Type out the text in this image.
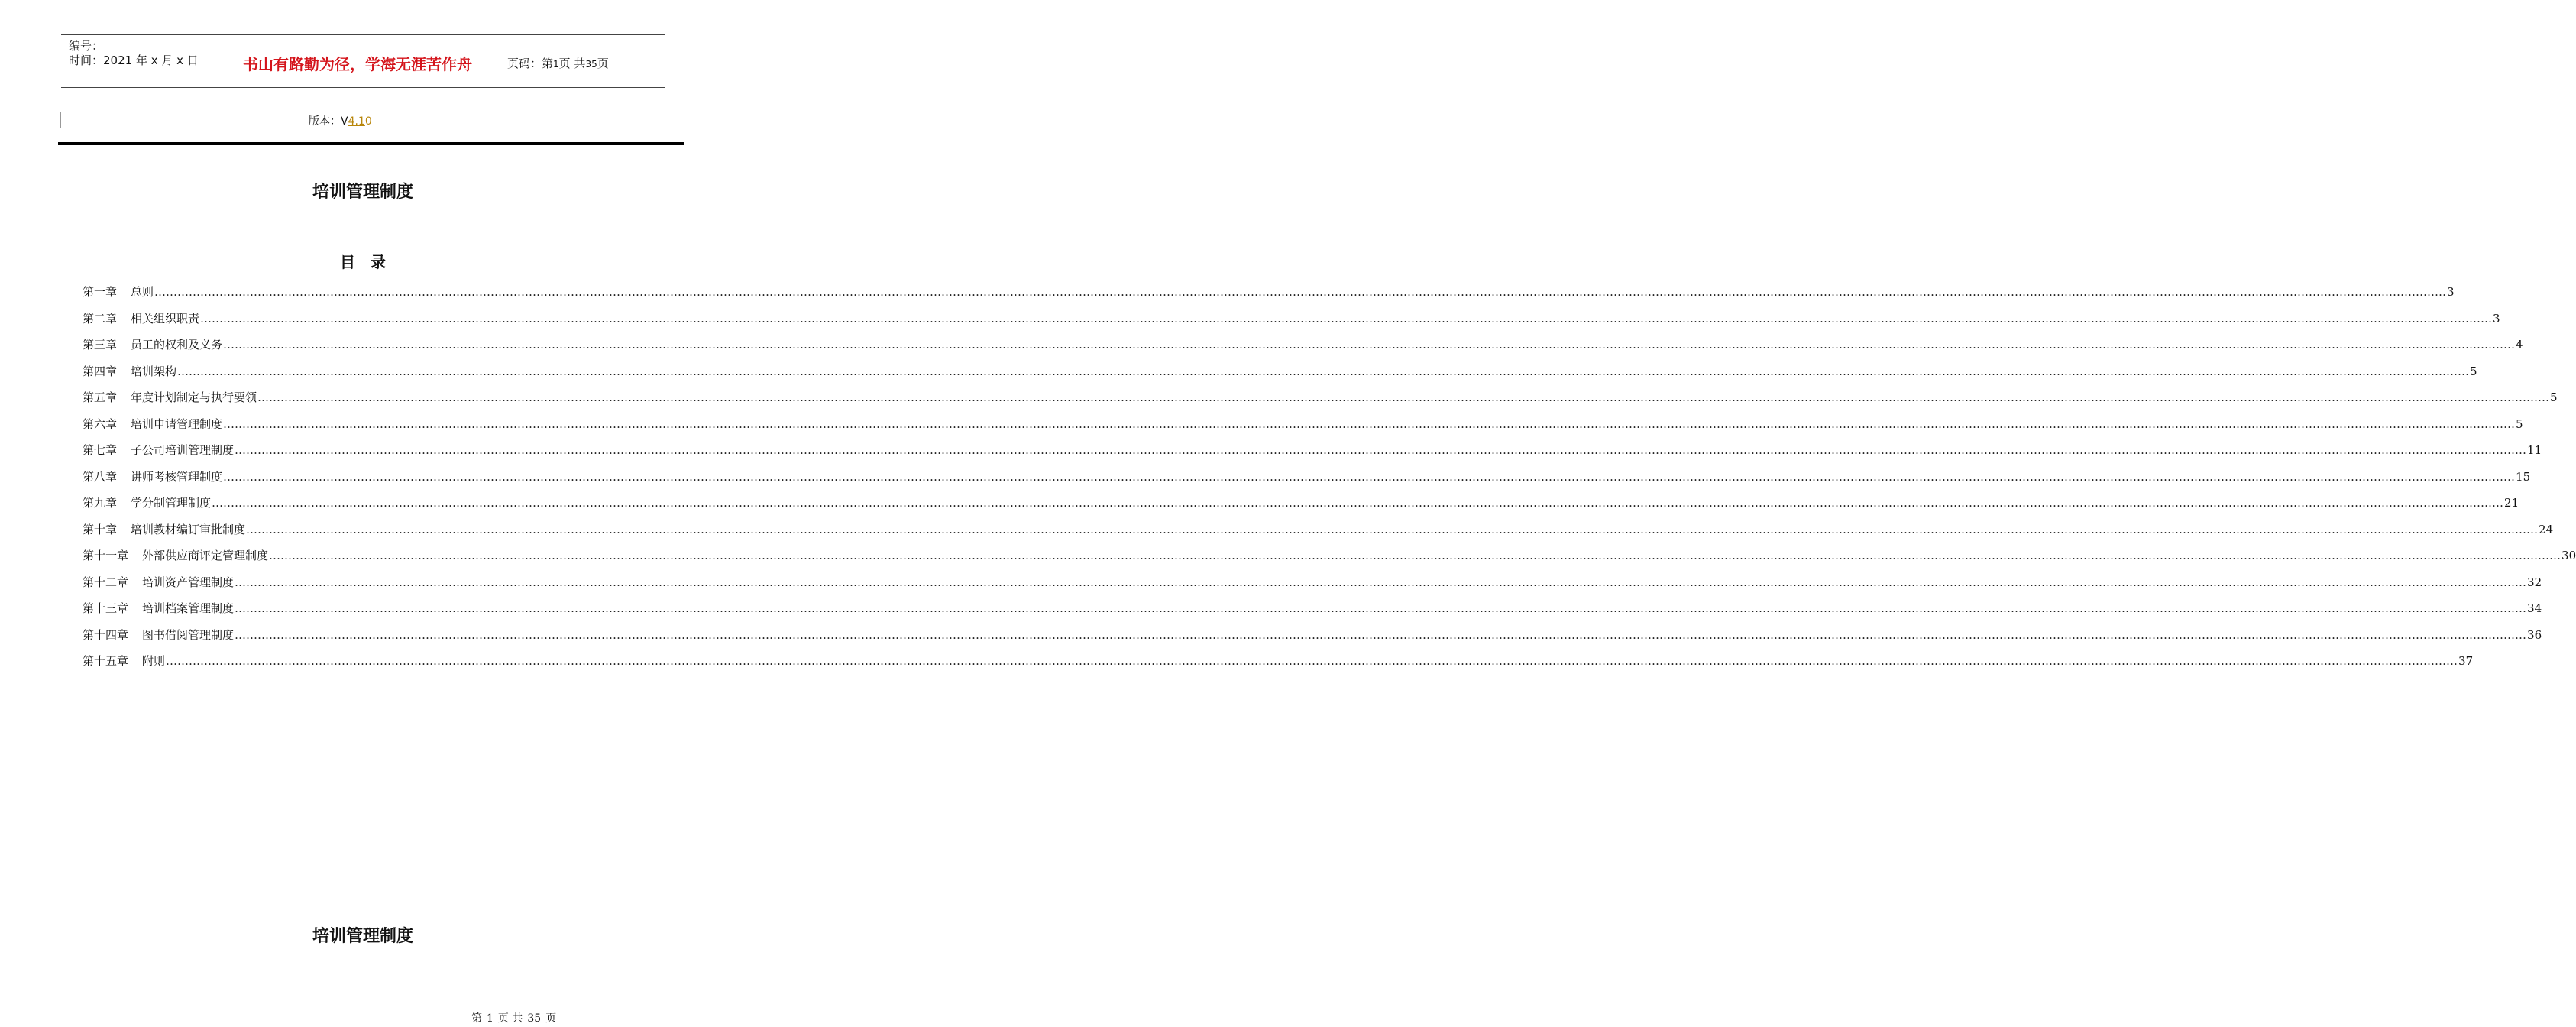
编号：
时间：2021 年 x 月 x 日	书山有路勤为径，学海无涯苦作舟	页码：第1页 共35页
版本：V4.10
培训管理制度
目录
第一章 总则 …………………………………………………………………………………………………………………………………………………………………………………………………………………………………………………………………………………………………………………………………………………………………………………………………………………………………………………………………………………………………………………………………………………… 3
第二章 相关组织职责 …………………………………………………………………………………………………………………………………………………………………………………………………………………………………………………………………………………………………………………………………………………………………………………………………………………………………………………………………………………………………………………………………………………… 3
第三章 员工的权利及义务 …………………………………………………………………………………………………………………………………………………………………………………………………………………………………………………………………………………………………………………………………………………………………………………………………………………………………………………………………………………………………………………………………………………… 4
第四章 培训架构 …………………………………………………………………………………………………………………………………………………………………………………………………………………………………………………………………………………………………………………………………………………………………………………………………………………………………………………………………………………………………………………………………………………… 5
第五章 年度计划制定与执行要领 …………………………………………………………………………………………………………………………………………………………………………………………………………………………………………………………………………………………………………………………………………………………………………………………………………………………………………………………………………………………………………………………………………………… 5
第六章 培训申请管理制度 …………………………………………………………………………………………………………………………………………………………………………………………………………………………………………………………………………………………………………………………………………………………………………………………………………………………………………………………………………………………………………………………………………………… 5
第七章 子公司培训管理制度 …………………………………………………………………………………………………………………………………………………………………………………………………………………………………………………………………………………………………………………………………………………………………………………………………………………………………………………………………………………………………………………………………………………… 11
第八章 讲师考核管理制度 …………………………………………………………………………………………………………………………………………………………………………………………………………………………………………………………………………………………………………………………………………………………………………………………………………………………………………………………………………………………………………………………………………………… 15
第九章 学分制管理制度 …………………………………………………………………………………………………………………………………………………………………………………………………………………………………………………………………………………………………………………………………………………………………………………………………………………………………………………………………………………………………………………………………………………… 21
第十章 培训教材编订审批制度 …………………………………………………………………………………………………………………………………………………………………………………………………………………………………………………………………………………………………………………………………………………………………………………………………………………………………………………………………………………………………………………………………………………… 24
第十一章 外部供应商评定管理制度 …………………………………………………………………………………………………………………………………………………………………………………………………………………………………………………………………………………………………………………………………………………………………………………………………………………………………………………………………………………………………………………………………………………… 30
第十二章 培训资产管理制度 …………………………………………………………………………………………………………………………………………………………………………………………………………………………………………………………………………………………………………………………………………………………………………………………………………………………………………………………………………………………………………………………………………………… 32
第十三章 培训档案管理制度 …………………………………………………………………………………………………………………………………………………………………………………………………………………………………………………………………………………………………………………………………………………………………………………………………………………………………………………………………………………………………………………………………………………… 34
第十四章 图书借阅管理制度 …………………………………………………………………………………………………………………………………………………………………………………………………………………………………………………………………………………………………………………………………………………………………………………………………………………………………………………………………………………………………………………………………………………… 36
第十五章 附则 …………………………………………………………………………………………………………………………………………………………………………………………………………………………………………………………………………………………………………………………………………………………………………………………………………………………………………………………………………………………………………………………………………………… 37
培训管理制度
第 1 页 共 35 页
